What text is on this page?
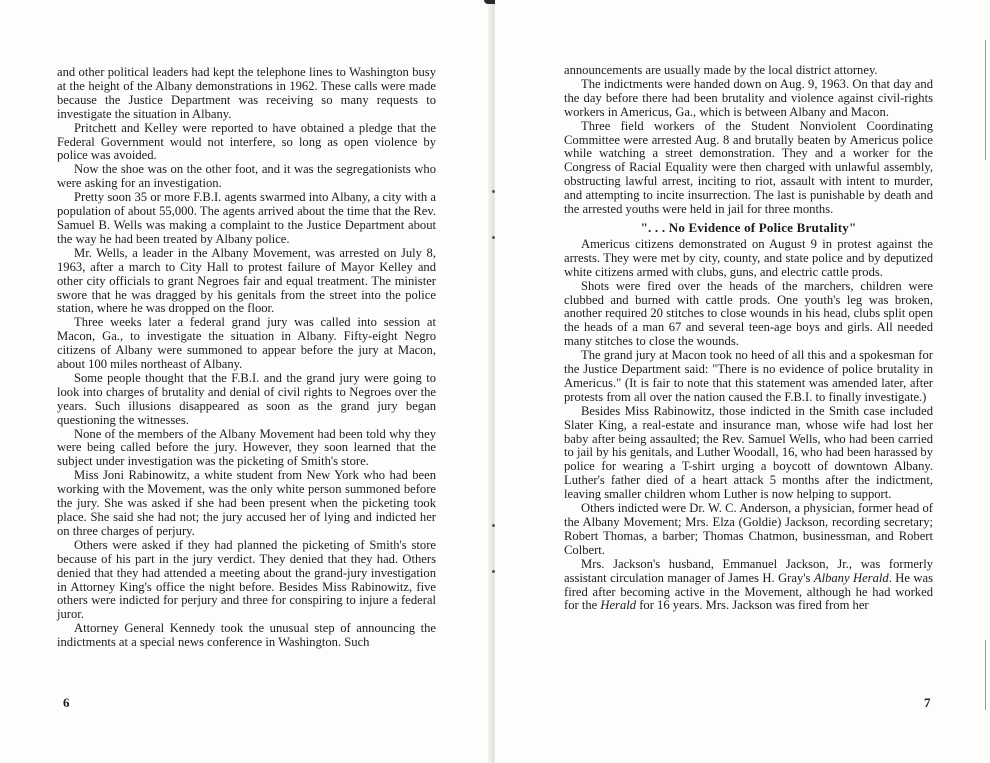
and other political leaders had kept the telephone lines to Washington busy at the height of the Albany demonstrations in 1962. These calls were made because the Justice Department was receiving so many requests to investigate the situation in Albany.

Pritchett and Kelley were reported to have obtained a pledge that the Federal Government would not interfere, so long as open violence by police was avoided.

Now the shoe was on the other foot, and it was the segregationists who were asking for an investigation.

Pretty soon 35 or more F.B.I. agents swarmed into Albany, a city with a population of about 55,000. The agents arrived about the time that the Rev. Samuel B. Wells was making a complaint to the Justice Department about the way he had been treated by Albany police.

Mr. Wells, a leader in the Albany Movement, was arrested on July 8, 1963, after a march to City Hall to protest failure of Mayor Kelley and other city officials to grant Negroes fair and equal treatment. The minister swore that he was dragged by his genitals from the street into the police station, where he was dropped on the floor.

Three weeks later a federal grand jury was called into session at Macon, Ga., to investigate the situation in Albany. Fifty-eight Negro citizens of Albany were summoned to appear before the jury at Macon, about 100 miles northeast of Albany.

Some people thought that the F.B.I. and the grand jury were going to look into charges of brutality and denial of civil rights to Negroes over the years. Such illusions disappeared as soon as the grand jury began questioning the witnesses.

None of the members of the Albany Movement had been told why they were being called before the jury. However, they soon learned that the subject under investigation was the picketing of Smith's store.

Miss Joni Rabinowitz, a white student from New York who had been working with the Movement, was the only white person summoned before the jury. She was asked if she had been present when the picketing took place. She said she had not; the jury accused her of lying and indicted her on three charges of perjury.

Others were asked if they had planned the picketing of Smith's store because of his part in the jury verdict. They denied that they had. Others denied that they had attended a meeting about the grand-jury investigation in Attorney King's office the night before. Besides Miss Rabinowitz, five others were indicted for perjury and three for conspiring to injure a federal juror.

Attorney General Kennedy took the unusual step of announcing the indictments at a special news conference in Washington. Such

6

announcements are usually made by the local district attorney.

The indictments were handed down on Aug. 9, 1963. On that day and the day before there had been brutality and violence against civil-rights workers in Americus, Ga., which is between Albany and Macon.

Three field workers of the Student Nonviolent Coordinating Committee were arrested Aug. 8 and brutally beaten by Americus police while watching a street demonstration. They and a worker for the Congress of Racial Equality were then charged with unlawful assembly, obstructing lawful arrest, inciting to riot, assault with intent to murder, and attempting to incite insurrection. The last is punishable by death and the arrested youths were held in jail for three months.

". . . No Evidence of Police Brutality"

Americus citizens demonstrated on August 9 in protest against the arrests. They were met by city, county, and state police and by deputized white citizens armed with clubs, guns, and electric cattle prods.

Shots were fired over the heads of the marchers, children were clubbed and burned with cattle prods. One youth's leg was broken, another required 20 stitches to close wounds in his head, clubs split open the heads of a man 67 and several teen-age boys and girls. All needed many stitches to close the wounds.

The grand jury at Macon took no heed of all this and a spokesman for the Justice Department said: "There is no evidence of police brutality in Americus." (It is fair to note that this statement was amended later, after protests from all over the nation caused the F.B.I. to finally investigate.)

Besides Miss Rabinowitz, those indicted in the Smith case included Slater King, a real-estate and insurance man, whose wife had lost her baby after being assaulted; the Rev. Samuel Wells, who had been carried to jail by his genitals, and Luther Woodall, 16, who had been harassed by police for wearing a T-shirt urging a boycott of downtown Albany. Luther's father died of a heart attack 5 months after the indictment, leaving smaller children whom Luther is now helping to support.

Others indicted were Dr. W. C. Anderson, a physician, former head of the Albany Movement; Mrs. Elza (Goldie) Jackson, recording secretary; Robert Thomas, a barber; Thomas Chatmon, businessman, and Robert Colbert.

Mrs. Jackson's husband, Emmanuel Jackson, Jr., was formerly assistant circulation manager of James H. Gray's Albany Herald. He was fired after becoming active in the Movement, although he had worked for the Herald for 16 years. Mrs. Jackson was fired from her

7
